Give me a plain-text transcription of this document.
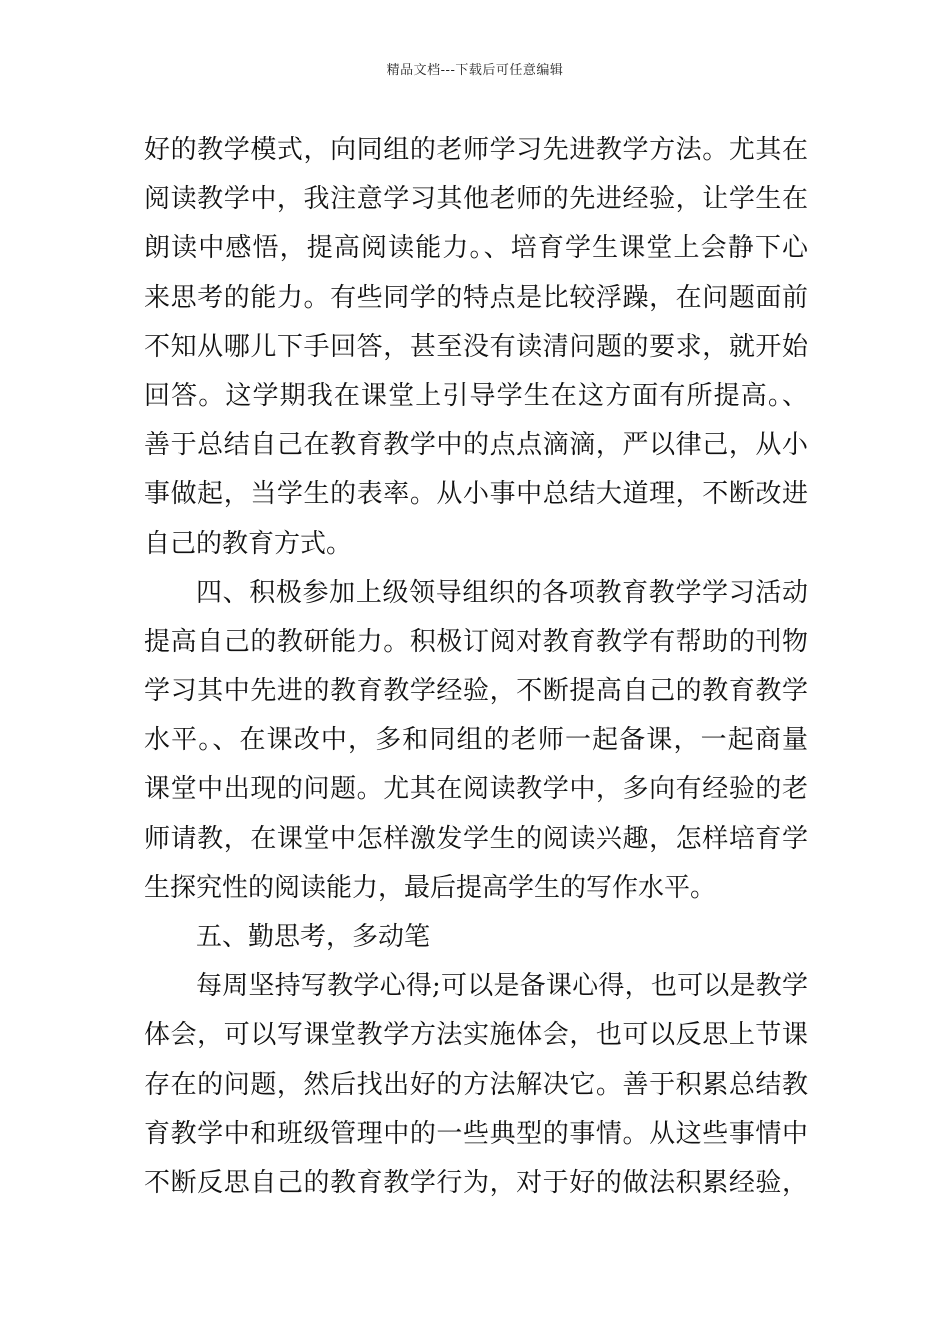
精品文档---下载后可任意编辑
好的教学模式，向同组的老师学习先进教学方法。尤其在
阅读教学中，我注意学习其他老师的先进经验，让学生在
朗读中感悟，提高阅读能力。、培育学生课堂上会静下心
来思考的能力。有些同学的特点是比较浮躁，在问题面前
不知从哪儿下手回答，甚至没有读清问题的要求，就开始
回答。这学期我在课堂上引导学生在这方面有所提高。、
善于总结自己在教育教学中的点点滴滴，严以律己，从小
事做起，当学生的表率。从小事中总结大道理，不断改进
自己的教育方式。
四、积极参加上级领导组织的各项教育教学学习活动
提高自己的教研能力。积极订阅对教育教学有帮助的刊物
学习其中先进的教育教学经验，不断提高自己的教育教学
水平。、在课改中，多和同组的老师一起备课，一起商量
课堂中出现的问题。尤其在阅读教学中，多向有经验的老
师请教，在课堂中怎样激发学生的阅读兴趣，怎样培育学
生探究性的阅读能力，最后提高学生的写作水平。
五、勤思考，多动笔
每周坚持写教学心得;可以是备课心得，也可以是教学
体会，可以写课堂教学方法实施体会，也可以反思上节课
存在的问题，然后找出好的方法解决它。善于积累总结教
育教学中和班级管理中的一些典型的事情。从这些事情中
不断反思自己的教育教学行为，对于好的做法积累经验，
